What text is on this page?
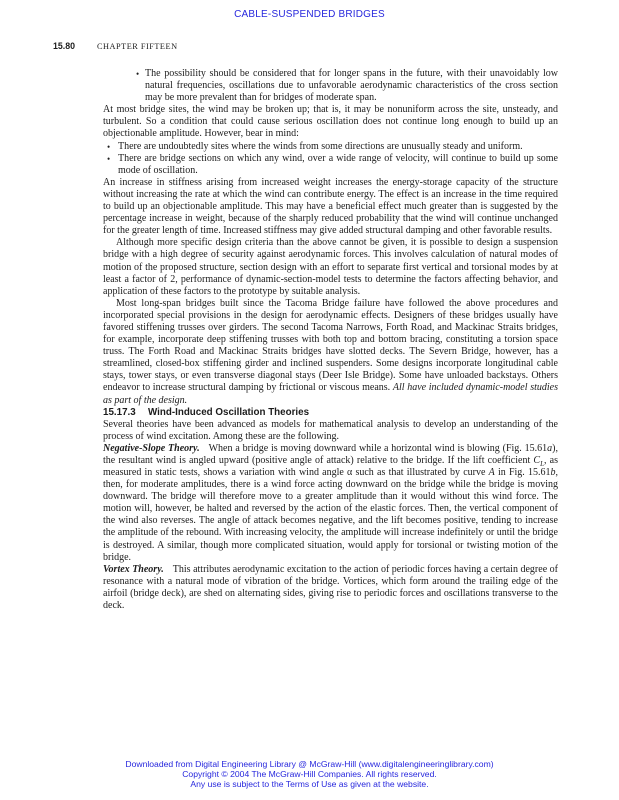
CABLE-SUSPENDED BRIDGES
15.80	CHAPTER FIFTEEN

• The possibility should be considered that for longer spans in the future, with their unavoidably low natural frequencies, oscillations due to unfavorable aerodynamic characteristics of the cross section may be more prevalent than for bridges of moderate span.

At most bridge sites, the wind may be broken up; that is, it may be nonuniform across the site, unsteady, and turbulent. So a condition that could cause serious oscillation does not continue long enough to build up an objectionable amplitude. However, bear in mind:

• There are undoubtedly sites where the winds from some directions are unusually steady and uniform.

• There are bridge sections on which any wind, over a wide range of velocity, will continue to build up some mode of oscillation.

An increase in stiffness arising from increased weight increases the energy-storage capacity of the structure without increasing the rate at which the wind can contribute energy. The effect is an increase in the time required to build up an objectionable amplitude. This may have a beneficial effect much greater than is suggested by the percentage increase in weight, because of the sharply reduced probability that the wind will continue unchanged for the greater length of time. Increased stiffness may give added structural damping and other favorable results.

Although more specific design criteria than the above cannot be given, it is possible to design a suspension bridge with a high degree of security against aerodynamic forces. This involves calculation of natural modes of motion of the proposed structure, section design with an effort to separate first vertical and torsional modes by at least a factor of 2, performance of dynamic-section-model tests to determine the factors affecting behavior, and application of these factors to the prototype by suitable analysis.

Most long-span bridges built since the Tacoma Bridge failure have followed the above procedures and incorporated special provisions in the design for aerodynamic effects. Designers of these bridges usually have favored stiffening trusses over girders. The second Tacoma Narrows, Forth Road, and Mackinac Straits bridges, for example, incorporate deep stiffening trusses with both top and bottom bracing, constituting a torsion space truss. The Forth Road and Mackinac Straits bridges have slotted decks. The Severn Bridge, however, has a streamlined, closed-box stiffening girder and inclined suspenders. Some designs incorporate longitudinal cable stays, tower stays, or even transverse diagonal stays (Deer Isle Bridge). Some have unloaded backstays. Others endeavor to increase structural damping by frictional or viscous means. All have included dynamic-model studies as part of the design.

15.17.3 Wind-Induced Oscillation Theories

Several theories have been advanced as models for mathematical analysis to develop an understanding of the process of wind excitation. Among these are the following.

Negative-Slope Theory. When a bridge is moving downward while a horizontal wind is blowing (Fig. 15.61a), the resultant wind is angled upward (positive angle of attack) relative to the bridge. If the lift coefficient $C_L$, as measured in static tests, shows a variation with wind angle α such as that illustrated by curve A in Fig. 15.61b, then, for moderate amplitudes, there is a wind force acting downward on the bridge while the bridge is moving downward. The bridge will therefore move to a greater amplitude than it would without this wind force. The motion will, however, be halted and reversed by the action of the elastic forces. Then, the vertical component of the wind also reverses. The angle of attack becomes negative, and the lift becomes positive, tending to increase the amplitude of the rebound. With increasing velocity, the amplitude will increase indefinitely or until the bridge is destroyed. A similar, though more complicated situation, would apply for torsional or twisting motion of the bridge.

Vortex Theory. This attributes aerodynamic excitation to the action of periodic forces having a certain degree of resonance with a natural mode of vibration of the bridge. Vortices, which form around the trailing edge of the airfoil (bridge deck), are shed on alternating sides, giving rise to periodic forces and oscillations transverse to the deck.

Downloaded from Digital Engineering Library @ McGraw-Hill (www.digitalengineeringlibrary.com)
Copyright © 2004 The McGraw-Hill Companies. All rights reserved.
Any use is subject to the Terms of Use as given at the website.
